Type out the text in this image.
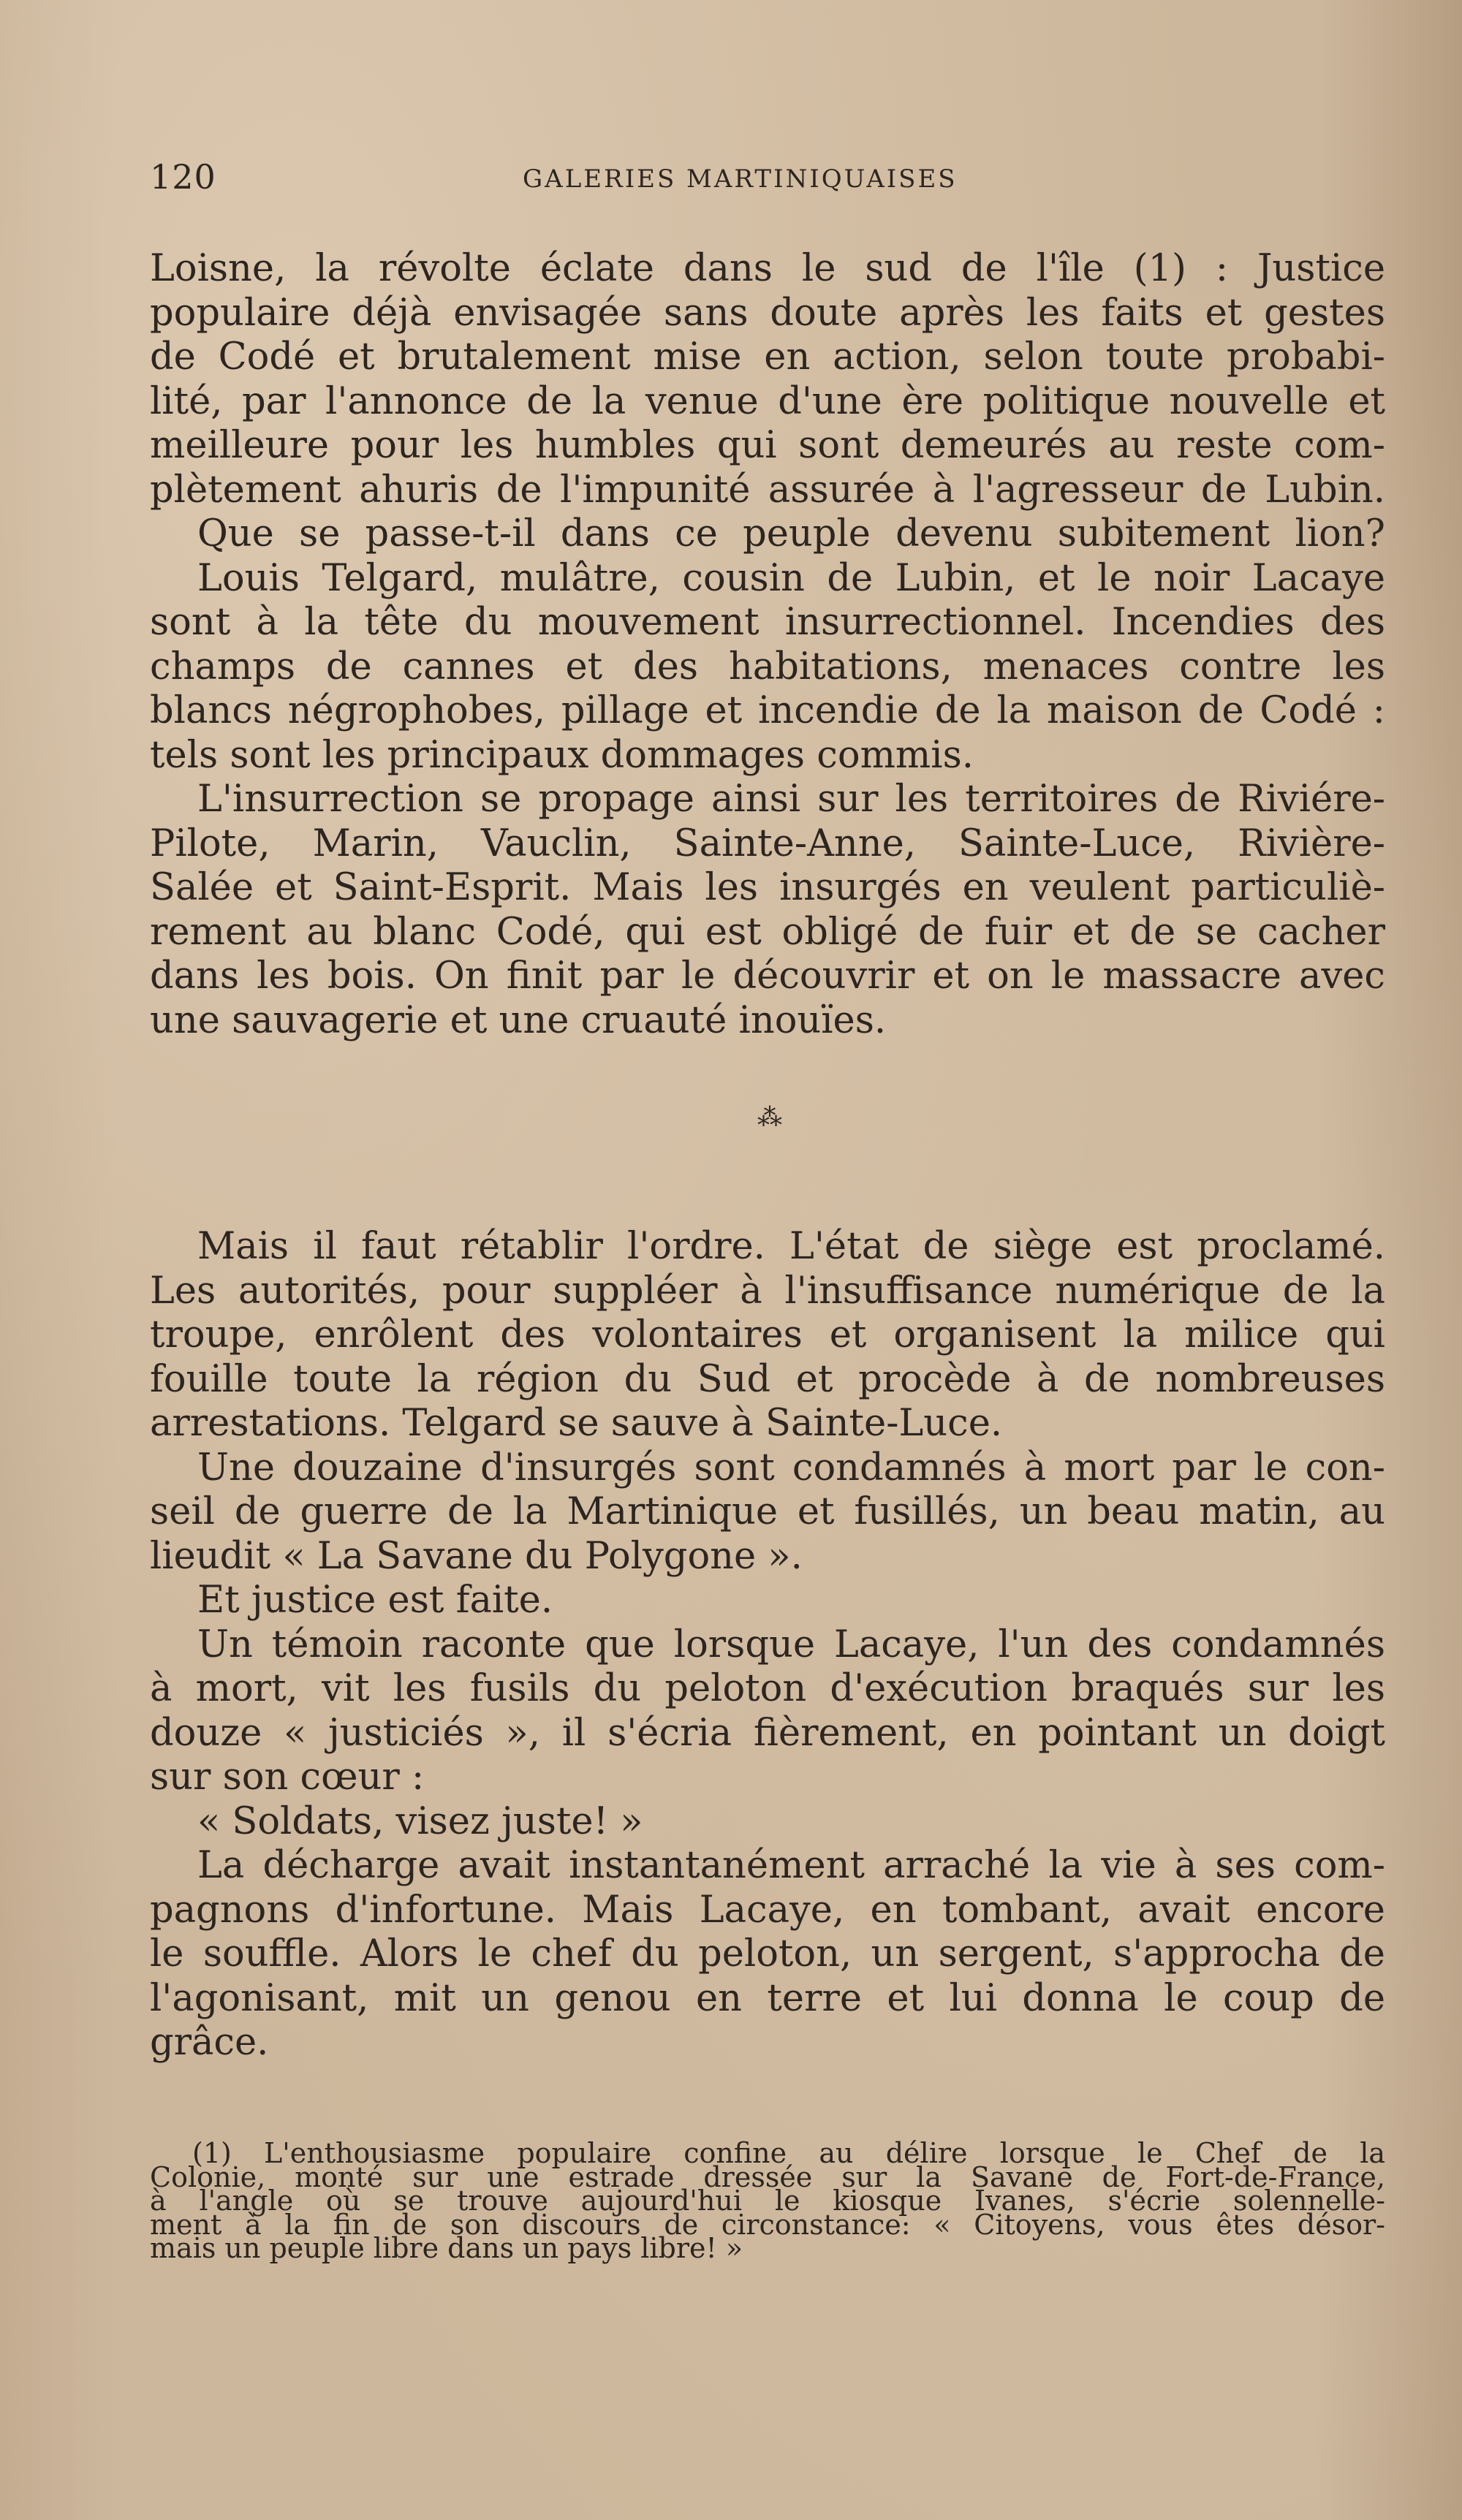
120	GALERIES MARTINIQUAISES
Loisne, la révolte éclate dans le sud de l'île (1) : Justice
populaire déjà envisagée sans doute après les faits et gestes
de Codé et brutalement mise en action, selon toute probabi-
lité, par l'annonce de la venue d'une ère politique nouvelle et
meilleure pour les humbles qui sont demeurés au reste com-
plètement ahuris de l'impunité assurée à l'agresseur de Lubin.
Que se passe-t-il dans ce peuple devenu subitement lion?
Louis Telgard, mulâtre, cousin de Lubin, et le noir Lacaye
sont à la tête du mouvement insurrectionnel. Incendies des
champs de cannes et des habitations, menaces contre les
blancs négrophobes, pillage et incendie de la maison de Codé :
tels sont les principaux dommages commis.
L'insurrection se propage ainsi sur les territoires de Riviére-
Pilote, Marin, Vauclin, Sainte-Anne, Sainte-Luce, Rivière-
Salée et Saint-Esprit. Mais les insurgés en veulent particuliè-
rement au blanc Codé, qui est obligé de fuir et de se cacher
dans les bois. On finit par le découvrir et on le massacre avec
une sauvagerie et une cruauté inouïes.
⁂
Mais il faut rétablir l'ordre. L'état de siège est proclamé.
Les autorités, pour suppléer à l'insuffisance numérique de la
troupe, enrôlent des volontaires et organisent la milice qui
fouille toute la région du Sud et procède à de nombreuses
arrestations. Telgard se sauve à Sainte-Luce.
Une douzaine d'insurgés sont condamnés à mort par le con-
seil de guerre de la Martinique et fusillés, un beau matin, au
lieudit « La Savane du Polygone ».
Et justice est faite.
Un témoin raconte que lorsque Lacaye, l'un des condamnés
à mort, vit les fusils du peloton d'exécution braqués sur les
douze « justiciés », il s'écria fièrement, en pointant un doigt
sur son cœur :
« Soldats, visez juste! »
La décharge avait instantanément arraché la vie à ses com-
pagnons d'infortune. Mais Lacaye, en tombant, avait encore
le souffle. Alors le chef du peloton, un sergent, s'approcha de
l'agonisant, mit un genou en terre et lui donna le coup de
grâce.
(1) L'enthousiasme populaire confine au délire lorsque le Chef de la
Colonie, monté sur une estrade dressée sur la Savane de Fort-de-France,
à l'angle où se trouve aujourd'hui le kiosque Ivanes, s'écrie solennelle-
ment à la fin de son discours de circonstance: « Citoyens, vous êtes désor-
mais un peuple libre dans un pays libre! »
